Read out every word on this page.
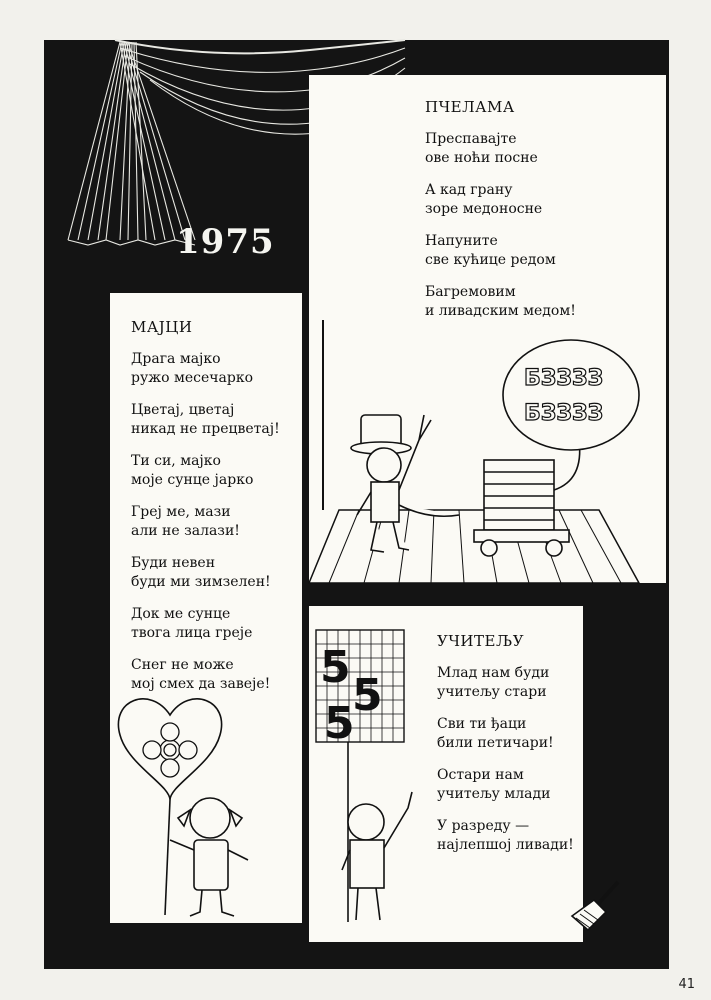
1975
ПЧЕЛАМА
Преспавајте
ове ноћи посне
А кад грану
зоре медоносне
Напуните
све кућице редом
Багремовим
и ливадским медом!
БЗЗЗЗ
БЗЗЗЗ
МАЈЦИ
Драга мајко
ружо месечарко
Цветај, цветај
никад не прецветај!
Ти си, мајко
моје сунце јарко
Греј ме, мази
али не залази!
Буди невен
буди ми зимзелен!
Док ме сунце
твога лица греје
Снег не може
мој смех да завеје!
УЧИТЕЉУ
Млад нам буди
учитељу стари
Сви ти ђаци
били петичари!
Остари нам
учитељу млади
У разреду —
најлепшој ливади!
5
5
5
41
